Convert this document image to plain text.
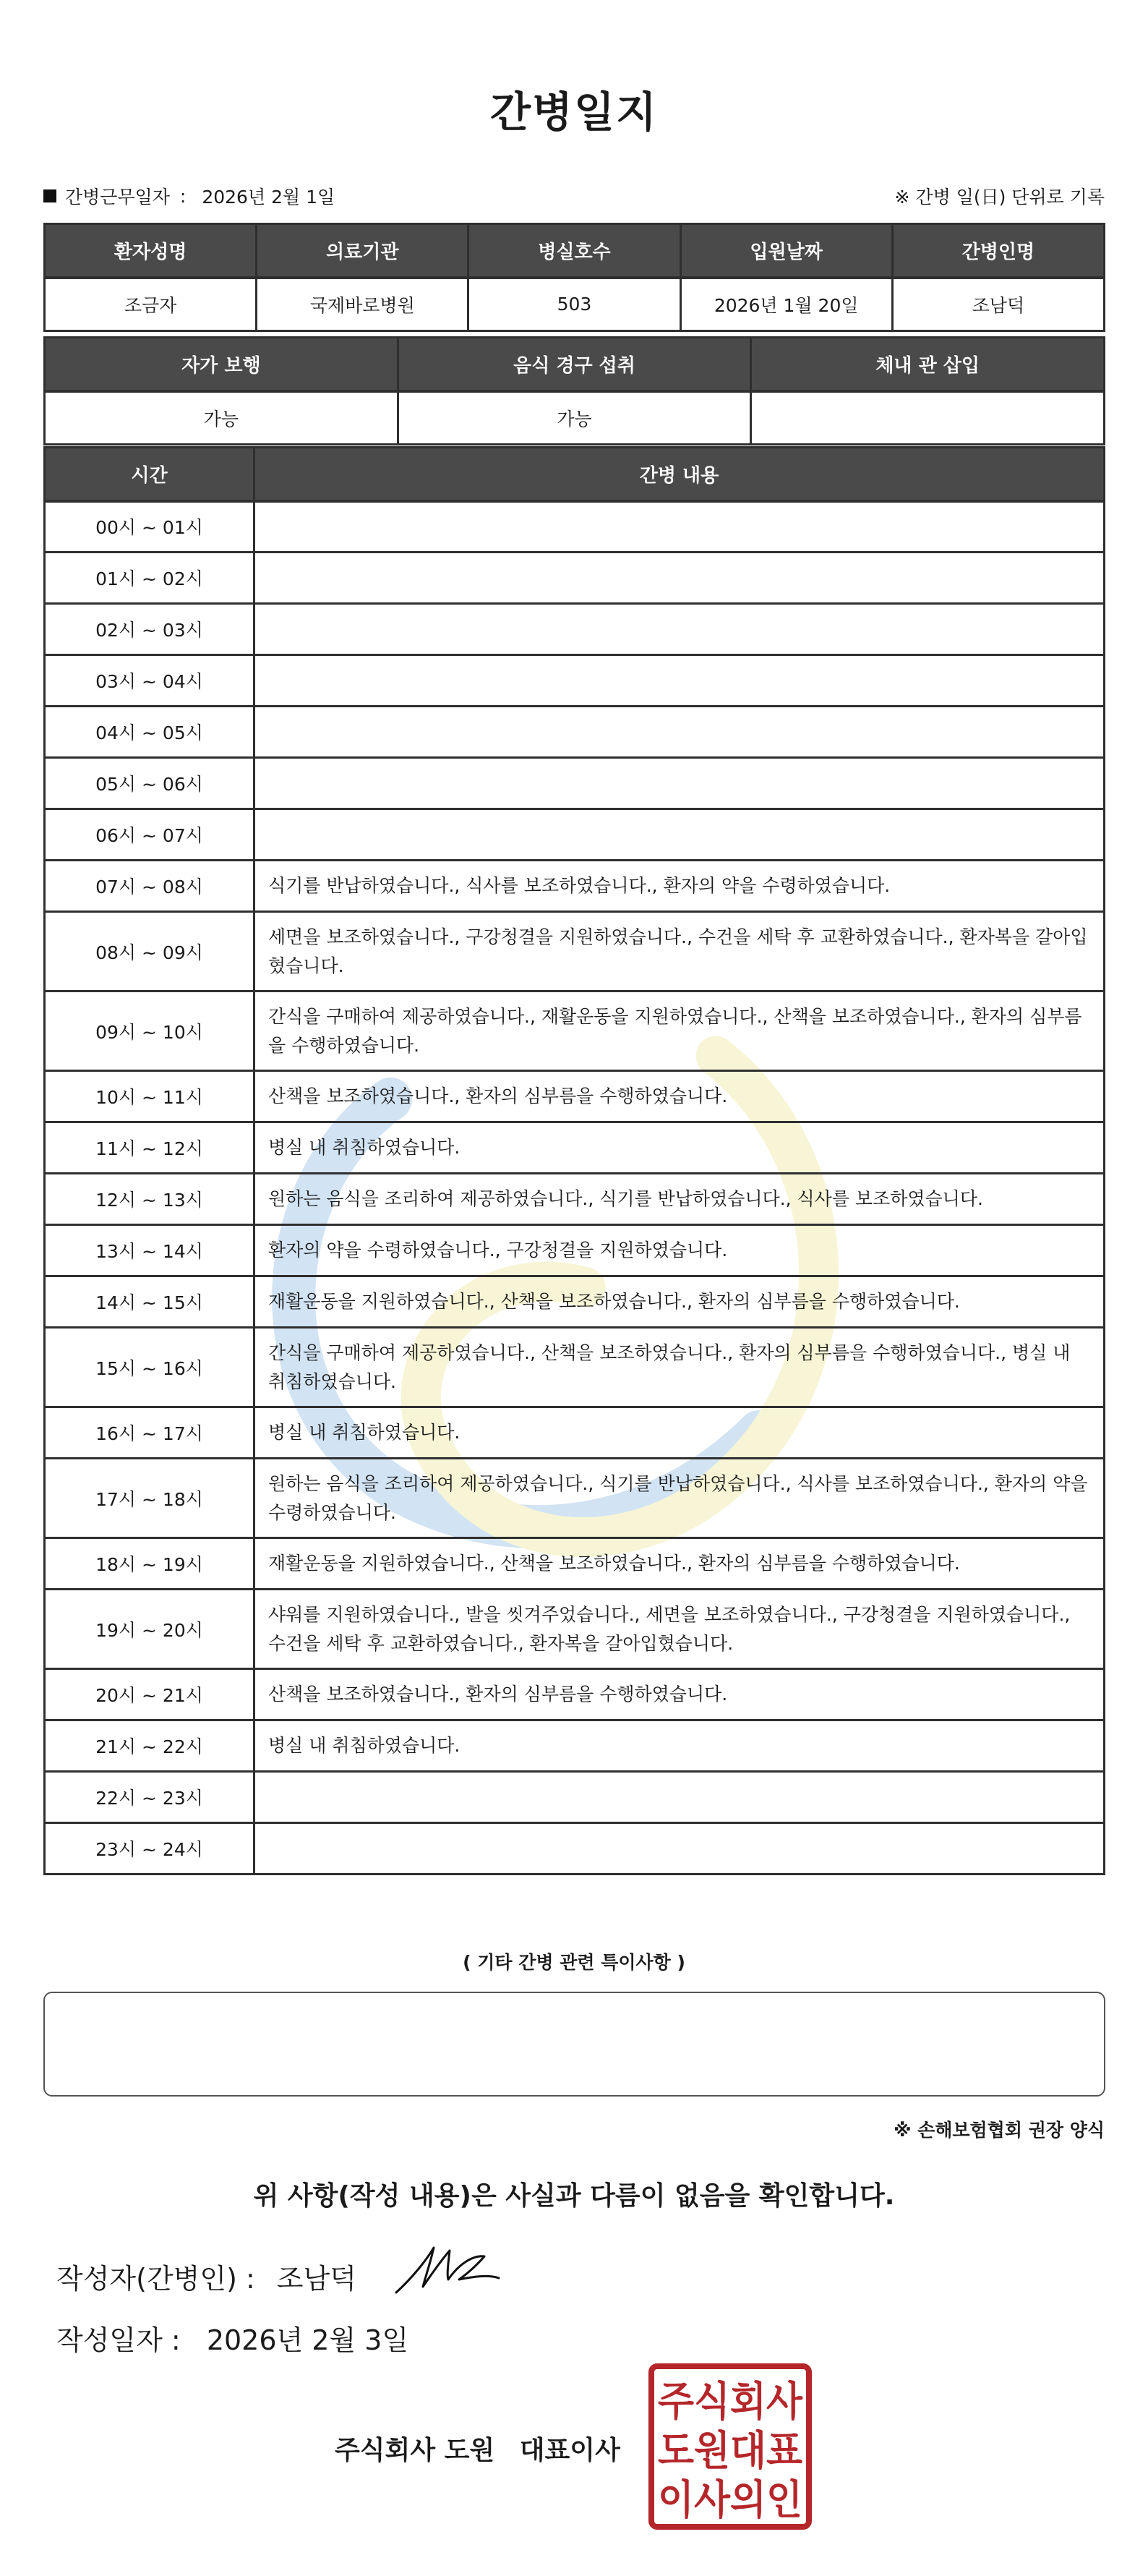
간병일지
간병근무일자 : 2026년 2월 1일	※ 간병 일(日) 단위로 기록
환자성명	의료기관	병실호수	입원날짜	간병인명
조금자	국제바로병원	503	2026년 1월 20일	조남덕
자가 보행	음식 경구 섭취	체내 관 삽입
가능	가능	
시간	간병 내용
00시 ~ 01시	
01시 ~ 02시	
02시 ~ 03시	
03시 ~ 04시	
04시 ~ 05시	
05시 ~ 06시	
06시 ~ 07시	
07시 ~ 08시	식기를 반납하였습니다., 식사를 보조하였습니다., 환자의 약을 수령하였습니다.
08시 ~ 09시	세면을 보조하였습니다., 구강청결을 지원하였습니다., 수건을 세탁 후 교환하였습니다., 환자복을 갈아입혔습니다.
09시 ~ 10시	간식을 구매하여 제공하였습니다., 재활운동을 지원하였습니다., 산책을 보조하였습니다., 환자의 심부름을 수행하였습니다.
10시 ~ 11시	산책을 보조하였습니다., 환자의 심부름을 수행하였습니다.
11시 ~ 12시	병실 내 취침하였습니다.
12시 ~ 13시	원하는 음식을 조리하여 제공하였습니다., 식기를 반납하였습니다., 식사를 보조하였습니다.
13시 ~ 14시	환자의 약을 수령하였습니다., 구강청결을 지원하였습니다.
14시 ~ 15시	재활운동을 지원하였습니다., 산책을 보조하였습니다., 환자의 심부름을 수행하였습니다.
15시 ~ 16시	간식을 구매하여 제공하였습니다., 산책을 보조하였습니다., 환자의 심부름을 수행하였습니다., 병실 내 취침하였습니다.
16시 ~ 17시	병실 내 취침하였습니다.
17시 ~ 18시	원하는 음식을 조리하여 제공하였습니다., 식기를 반납하였습니다., 식사를 보조하였습니다., 환자의 약을 수령하였습니다.
18시 ~ 19시	재활운동을 지원하였습니다., 산책을 보조하였습니다., 환자의 심부름을 수행하였습니다.
19시 ~ 20시	샤워를 지원하였습니다., 발을 씻겨주었습니다., 세면을 보조하였습니다., 구강청결을 지원하였습니다., 수건을 세탁 후 교환하였습니다., 환자복을 갈아입혔습니다.
20시 ~ 21시	산책을 보조하였습니다., 환자의 심부름을 수행하였습니다.
21시 ~ 22시	병실 내 취침하였습니다.
22시 ~ 23시	
23시 ~ 24시	
( 기타 간병 관련 특이사항 )
※ 손해보험협회 권장 양식
위 사항(작성 내용)은 사실과 다름이 없음을 확인합니다.
작성자(간병인) : 조남덕
작성일자 : 2026년 2월 3일
주식회사 도원 대표이사
주식회사
도원대표
이사의인
